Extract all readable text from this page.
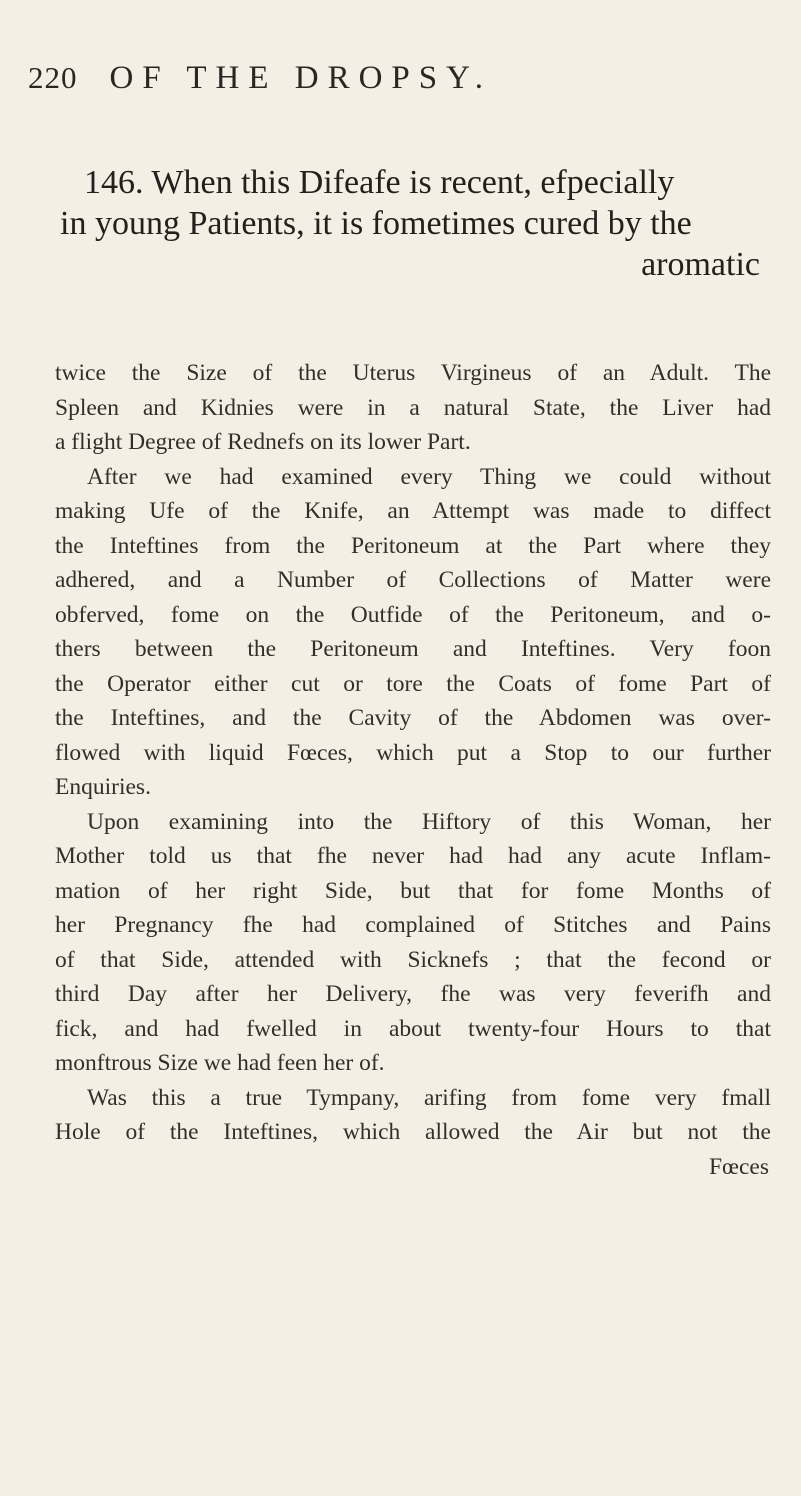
220 OF THE DROPSY.
146. When this Difeafe is recent, efpecially
in young Patients, it is fometimes cured by the
aromatic
twice the Size of the Uterus Virgineus of an Adult. The
Spleen and Kidnies were in a natural State, the Liver had
a flight Degree of Rednefs on its lower Part.
After we had examined every Thing we could without
making Ufe of the Knife, an Attempt was made to diffect
the Inteftines from the Peritoneum at the Part where they
adhered, and a Number of Collections of Matter were
obferved, fome on the Outfide of the Peritoneum, and o-
thers between the Peritoneum and Inteftines. Very foon
the Operator either cut or tore the Coats of fome Part of
the Inteftines, and the Cavity of the Abdomen was over-
flowed with liquid Fœces, which put a Stop to our further
Enquiries.
Upon examining into the Hiftory of this Woman, her
Mother told us that fhe never had had any acute Inflam-
mation of her right Side, but that for fome Months of
her Pregnancy fhe had complained of Stitches and Pains
of that Side, attended with Sicknefs ; that the fecond or
third Day after her Delivery, fhe was very feverifh and
fick, and had fwelled in about twenty-four Hours to that
monftrous Size we had feen her of.
Was this a true Tympany, arifing from fome very fmall
Hole of the Inteftines, which allowed the Air but not the
Fœces
